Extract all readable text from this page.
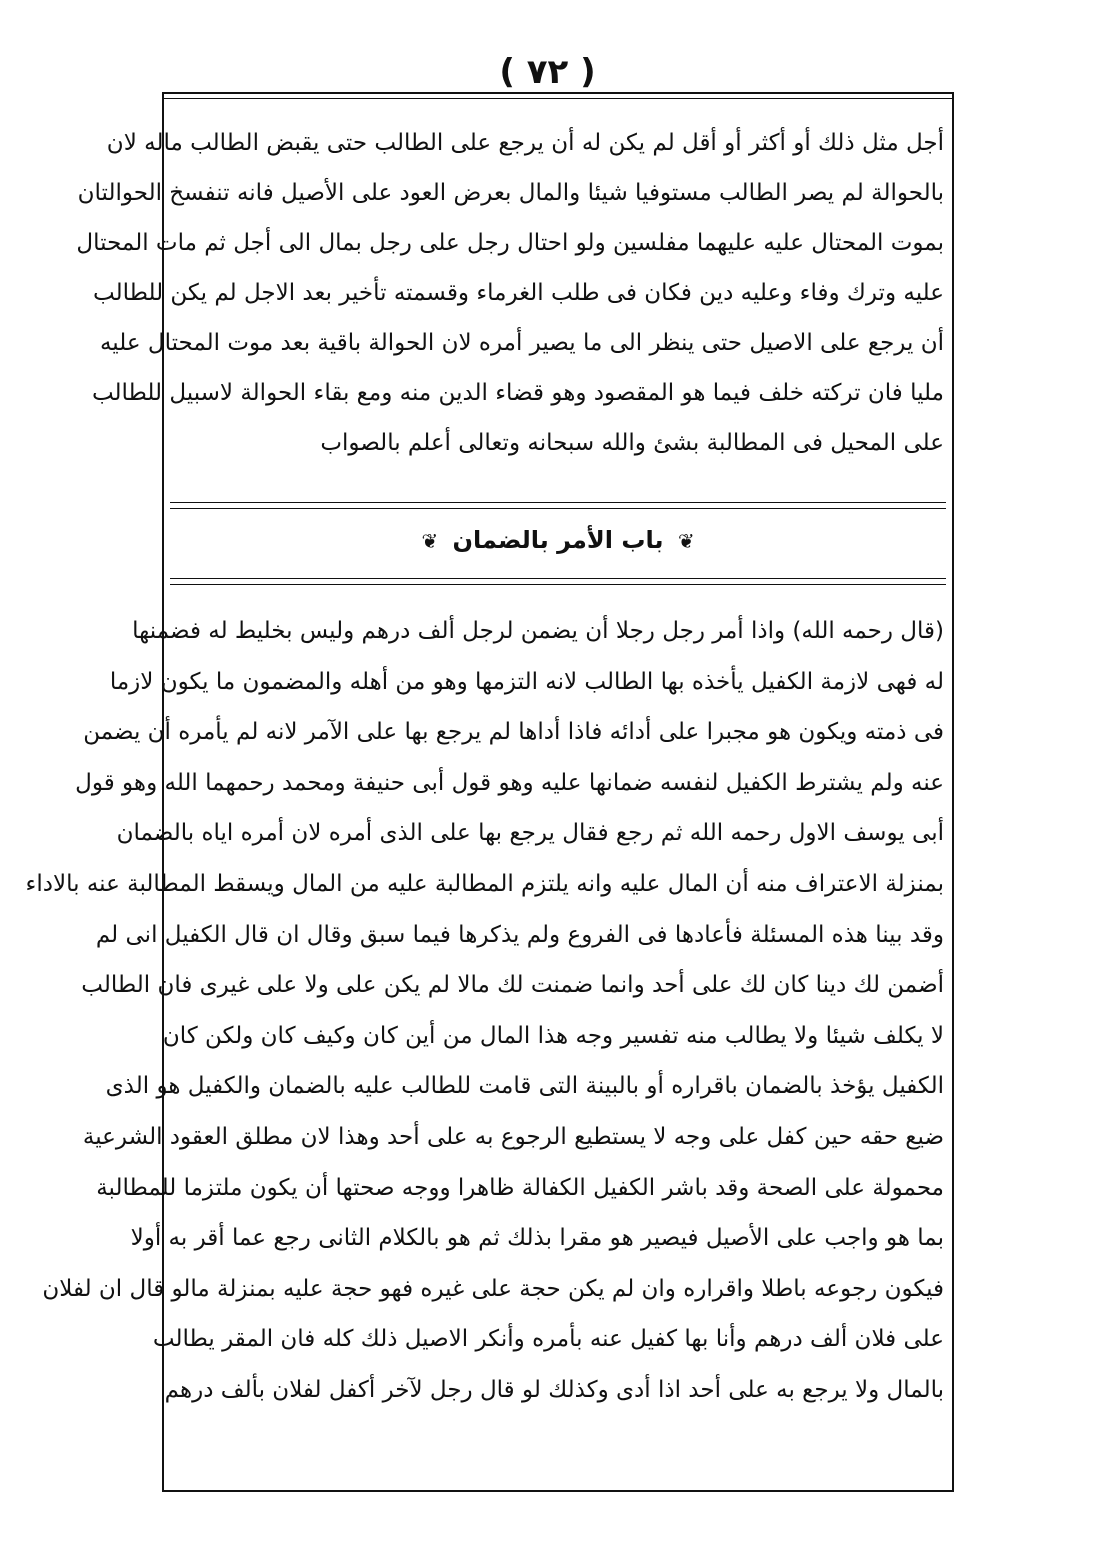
( ٧٢ )
أجل مثل ذلك أو أكثر أو أقل لم يكن له أن يرجع على الطالب حتى يقبض الطالب ماله لان
بالحوالة لم يصر الطالب مستوفيا شيئا والمال بعرض العود على الأصيل فانه تنفسخ الحوالتان
بموت المحتال عليه عليهما مفلسين ولو احتال رجل على رجل بمال الى أجل ثم مات المحتال
عليه وترك وفاء وعليه دين فكان فى طلب الغرماء وقسمته تأخير بعد الاجل لم يكن للطالب
أن يرجع على الاصيل حتى ينظر الى ما يصير أمره لان الحوالة باقية بعد موت المحتال عليه
مليا فان تركته خلف فيما هو المقصود وهو قضاء الدين منه ومع بقاء الحوالة لاسبيل للطالب
على المحيل فى المطالبة بشئ والله سبحانه وتعالى أعلم بالصواب
❦ باب الأمر بالضمان ❦
(قال رحمه الله) واذا أمر رجل رجلا أن يضمن لرجل ألف درهم وليس بخليط له فضمنها
له فهى لازمة الكفيل يأخذه بها الطالب لانه التزمها وهو من أهله والمضمون ما يكون لازما
فى ذمته ويكون هو مجبرا على أدائه فاذا أداها لم يرجع بها على الآمر لانه لم يأمره أن يضمن
عنه ولم يشترط الكفيل لنفسه ضمانها عليه وهو قول أبى حنيفة ومحمد رحمهما الله وهو قول
أبى يوسف الاول رحمه الله ثم رجع فقال يرجع بها على الذى أمره لان أمره اياه بالضمان
بمنزلة الاعتراف منه أن المال عليه وانه يلتزم المطالبة عليه من المال ويسقط المطالبة عنه بالاداء
وقد بينا هذه المسئلة فأعادها فى الفروع ولم يذكرها فيما سبق وقال ان قال الكفيل انى لم
أضمن لك دينا كان لك على أحد وانما ضمنت لك مالا لم يكن على ولا على غيرى فان الطالب
لا يكلف شيئا ولا يطالب منه تفسير وجه هذا المال من أين كان وكيف كان ولكن كان
الكفيل يؤخذ بالضمان باقراره أو بالبينة التى قامت للطالب عليه بالضمان والكفيل هو الذى
ضيع حقه حين كفل على وجه لا يستطيع الرجوع به على أحد وهذا لان مطلق العقود الشرعية
محمولة على الصحة وقد باشر الكفيل الكفالة ظاهرا ووجه صحتها أن يكون ملتزما للمطالبة
بما هو واجب على الأصيل فيصير هو مقرا بذلك ثم هو بالكلام الثانى رجع عما أقر به أولا
فيكون رجوعه باطلا واقراره وان لم يكن حجة على غيره فهو حجة عليه بمنزلة مالو قال ان لفلان
على فلان ألف درهم وأنا بها كفيل عنه بأمره وأنكر الاصيل ذلك كله فان المقر يطالب
بالمال ولا يرجع به على أحد اذا أدى وكذلك لو قال رجل لآخر أكفل لفلان بألف درهم
